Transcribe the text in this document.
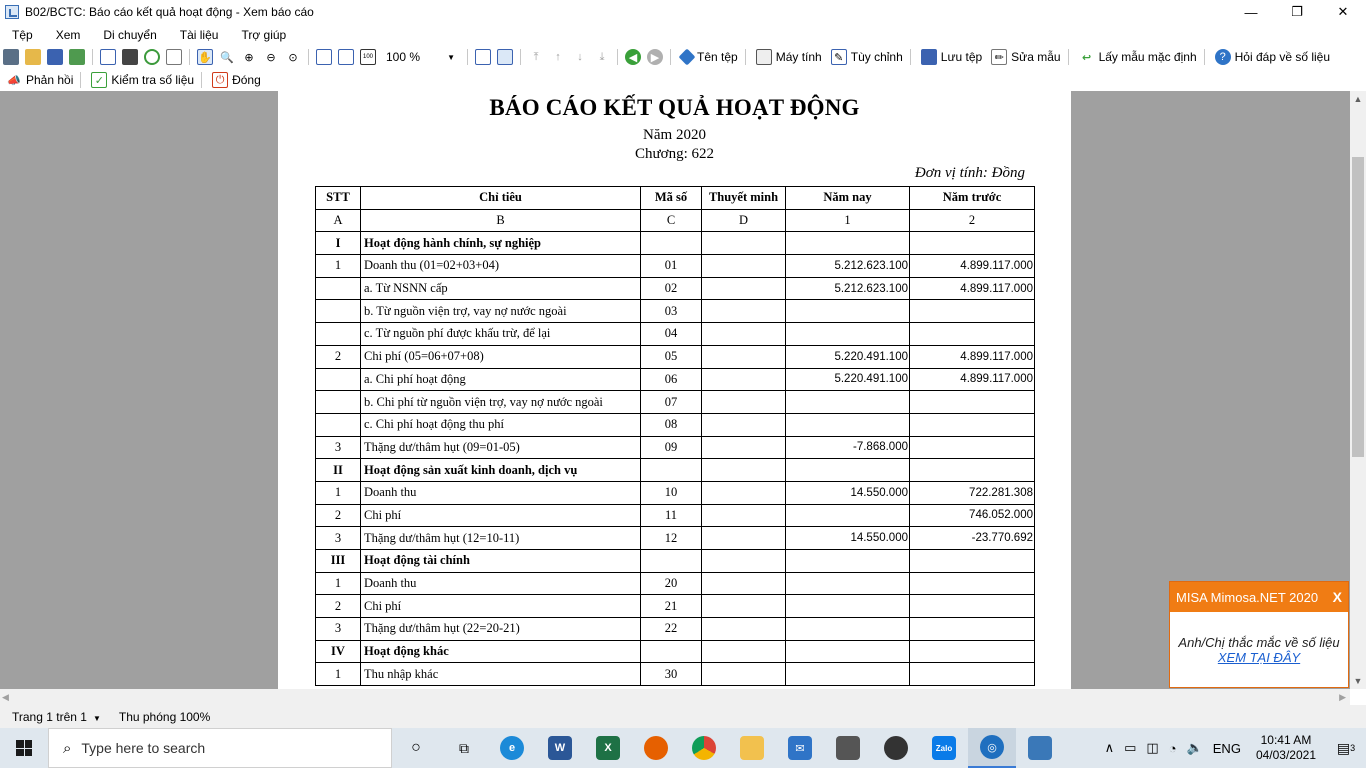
B02/BCTC: Báo cáo kết quả hoạt động - Xem báo cáo	—	❐	✕
Tệp	Xem	Di chuyển	Tài liệu	Trợ giúp
✋ 🔍 ⊕	⊖	⊙	100 100 %	▼	⤒	↑	↓	⤓	◀	▶	Tên tệp	Máy tính	✎ Tùy chỉnh	Lưu tệp	✏ Sửa mẫu	↩ Lấy mẫu mặc định	? Hỏi đáp về số liệu
📣 Phản hồi	✓ Kiểm tra số liệu	⏻ Đóng
BÁO CÁO KẾT QUẢ HOẠT ĐỘNG
Năm 2020
Chương: 622
Đơn vị tính: Đồng
STT	Chỉ tiêu	Mã số	Thuyết minh	Năm nay	Năm trước
A	B	C	D	1	2
I	Hoạt động hành chính, sự nghiệp				
1	Doanh thu (01=02+03+04)	01		5.212.623.100	4.899.117.000
	a. Từ NSNN cấp	02		5.212.623.100	4.899.117.000
	b. Từ nguồn viện trợ, vay nợ nước ngoài	03			
	c. Từ nguồn phí được khấu trừ, để lại	04			
2	Chi phí (05=06+07+08)	05		5.220.491.100	4.899.117.000
	a. Chi phí hoạt động	06		5.220.491.100	4.899.117.000
	b. Chi phí từ nguồn viện trợ, vay nợ nước ngoài	07			
	c. Chi phí hoạt động thu phí	08			
3	Thặng dư/thâm hụt (09=01-05)	09		-7.868.000	
II	Hoạt động sản xuất kinh doanh, dịch vụ				
1	Doanh thu	10		14.550.000	722.281.308
2	Chi phí	11			746.052.000
3	Thặng dư/thâm hụt (12=10-11)	12		14.550.000	-23.770.692
III	Hoạt động tài chính				
1	Doanh thu	20			
2	Chi phí	21			
3	Thặng dư/thâm hụt (22=20-21)	22			
IV	Hoạt động khác				
1	Thu nhập khác	30			
▲
▼
◀	▶
Trang 1 trên 1 ▼ Thu phóng 100%
MISA Mimosa.NET 2020 X
Anh/Chị thắc mắc về số liệu
XEM TẠI ĐÂY
⌕ Type here to search	○	⧉	e	W	X	✉	Zalo	◎	∧ ▭ ◫ ◔ 🔈 ENG
10:41 AM
04/03/2021 ▤ 3
